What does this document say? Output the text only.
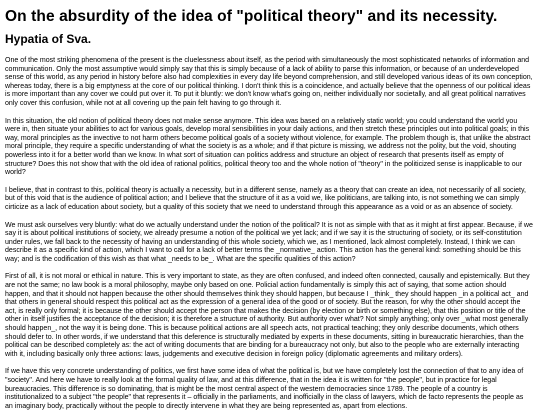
On the absurdity of the idea of "political theory" and its necessity.
Hypatia of Sva.

One of the most striking phenomena of the present is the cluelessness about itself, as the period with simultaneously the most sophisticated networks of information and communication. Only the most assumptive would simply say that this is simply because of a lack of ability to parse this information, or because of an underdeveloped sense of this world, as any period in history before also had complexities in every day life beyond comprehension, and still developed various ideas of its own conception, whereas today, there is a big emptyness at the core of our political thinking. I don't think this is a coincidence, and actually believe that the openness of our political ideas is more important than any cover we could put over it. To put it bluntly: we don't know what's going on, neither individually nor societally, and all great political narratives only cover this confusion, while not at all covering up the pain felt having to go through it.

In this situation, the old notion of political theory does not make sense anymore. This idea was based on a relatively static world; you could understand the world you were in, then situate your abilities to act for various goals, develop moral sensibilities in your daily actions, and then stretch these principles out into political goals; in this way, moral principles as the invective to not harm others become political goals of a society without violence, for example. The problem though is, that unlike the abstract moral principle, they require a specific understanding of what the society is as a whole; and if that picture is missing, we address not the polity, but the void, shouting powerless into it for a better world than we know. In what sort of situation can politics address and structure an object of research that presents itself as empty of structure? Does this not show that with the old idea of rational politics, political theory too and the whole notion of "theory" in the politicized sense is inapplicable to our world?

I believe, that in contrast to this, political theory is actually a necessity, but in a different sense, namely as a theory that can create an idea, not necessarily of all society, but of this void that is the audience of political action; and I believe that the structure of it as a void we, like politicians, are talking into, is not something we can simply cirticize as a lack of education about society, but a quality of this society that we need to understand through this appearance as a void or as an absence of society.

We must ask ourselves very bluntly: what do we actually understand under the notion of the political? It is not as simple with that as it might at first appear. Because, if we say it is about political institutions of society, we already presume a notion of the political we yet lack; and if we say it is the structuring of society, or its self-constitution under rules, we fall back to the necessity of having an understanding of this whole society, which we, as I mentioned, lack almost completely. Instead, I think we can describe it as a specific kind of action, which I want to call for a lack of better terms the _normative_ action. This action has the general kind: something should be this way; and is the codification of this wish as that what _needs to be_. What are the specific qualities of this action?

First of all, it is not moral or ethical in nature. This is very important to state, as they are often confused, and indeed often connected, causally and epistemically. But they are not the same; no law book is a moral philosophy, maybe only based on one. Policial action fundamentally is simply this act of saying, that some action should happen, and that it should not happen because the other should themselves think they should happen, but because I _think_ they should happen _in a political act_ and that others in general should respect this political act as the expression of a general idea of the good or of society. But the reason, for why the other should accept the act, is really only formal; it is because the other should accept the person that makes the decision (by election or birth or something else), that this position or title of the other in itself justifies the acceptance of the decision; it is therefore a structure of authority. But authority over what? Not simply anything; only over _what most generally should happen_, not the way it is being done. This is because political actions are all speech acts, not practical teaching; they only describe documents, which others should defer to. In other words, if we understand that this deference is structurally mediated by experts in these documents, sitting in bureaucratic hierarchies, than the political can be described completely as: the act of writing documents that are binding for a bureaucracy not only, but also to the people who are externally interacting with it, including basically only three actions: laws, judgements and executive decision in foreign policy (diplomatic agreements and military orders).

If we have this very concrete understanding of politics, we first have some idea of what the political is, but we have completely lost the connection of that to any idea of "society". And here we have to really look at the formal quality of law, and at this difference, that in the idea it is written for "the people", but in practice for legal bureaucracies. This difference is so dominating, that is might be the most central aspect of the western democracies since 1789. The people of a country is institutionalized to a subject "the people" that represents it – officially in the parliaments, and inofficially in the class of lawyers, which de facto represents the people as an imaginary body, practically without the people to directly intervene in what they are being represented as, apart from elections.
